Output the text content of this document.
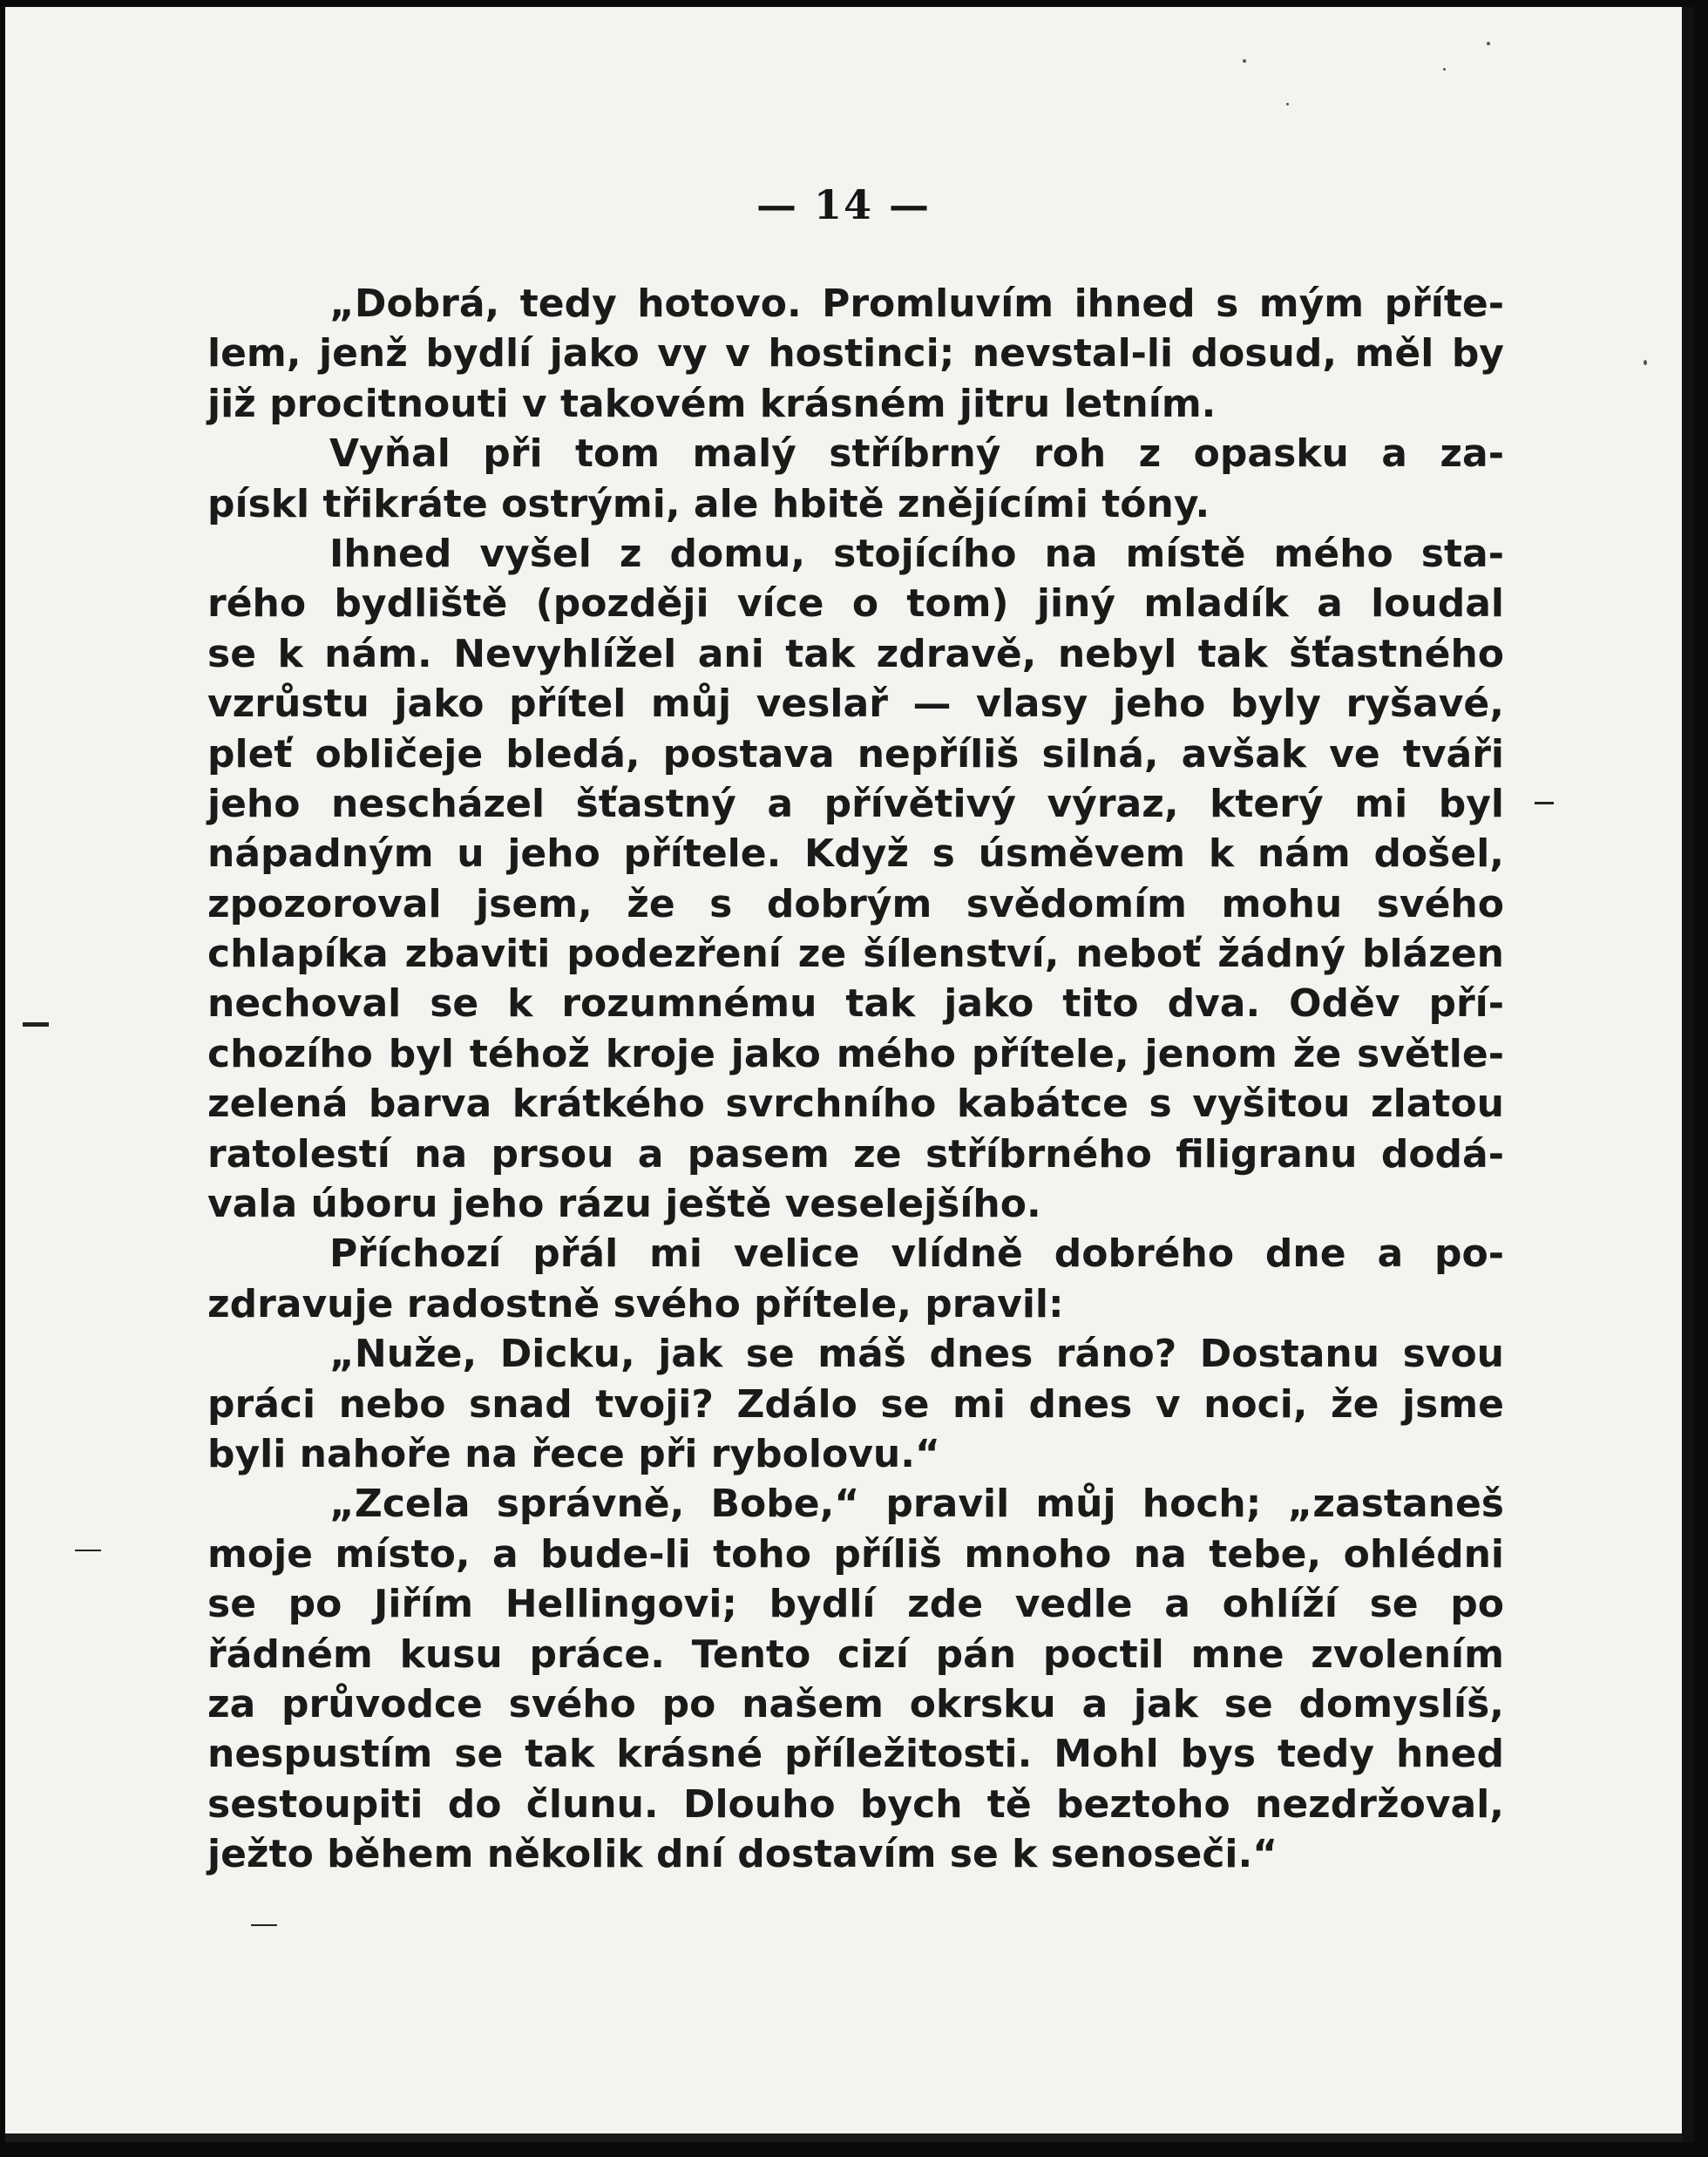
— 14 —
„Dobrá, tedy hotovo. Promluvím ihned s mým příte-
lem, jenž bydlí jako vy v hostinci; nevstal-li dosud, měl by
již procitnouti v takovém krásném jitru letním.
Vyňal při tom malý stříbrný roh z opasku a za-
pískl třikráte ostrými, ale hbitě znějícími tóny.
Ihned vyšel z domu, stojícího na místě mého sta-
rého bydliště (později více o tom) jiný mladík a loudal
se k nám. Nevyhlížel ani tak zdravě, nebyl tak šťastného
vzrůstu jako přítel můj veslař — vlasy jeho byly ryšavé,
pleť obličeje bledá, postava nepříliš silná, avšak ve tváři
jeho nescházel šťastný a přívětivý výraz, který mi byl
nápadným u jeho přítele. Když s úsměvem k nám došel,
zpozoroval jsem, že s dobrým svědomím mohu svého
chlapíka zbaviti podezření ze šílenství, neboť žádný blázen
nechoval se k rozumnému tak jako tito dva. Oděv pří-
chozího byl téhož kroje jako mého přítele, jenom že světle-
zelená barva krátkého svrchního kabátce s vyšitou zlatou
ratolestí na prsou a pasem ze stříbrného filigranu dodá-
vala úboru jeho rázu ještě veselejšího.
Příchozí přál mi velice vlídně dobrého dne a po-
zdravuje radostně svého přítele, pravil:
„Nuže, Dicku, jak se máš dnes ráno? Dostanu svou
práci nebo snad tvoji? Zdálo se mi dnes v noci, že jsme
byli nahoře na řece při rybolovu.“
„Zcela správně, Bobe,“ pravil můj hoch; „zastaneš
moje místo, a bude-li toho příliš mnoho na tebe, ohlédni
se po Jiřím Hellingovi; bydlí zde vedle a ohlíží se po
řádném kusu práce. Tento cizí pán poctil mne zvolením
za průvodce svého po našem okrsku a jak se domyslíš,
nespustím se tak krásné příležitosti. Mohl bys tedy hned
sestoupiti do člunu. Dlouho bych tě beztoho nezdržoval,
ježto během několik dní dostavím se k senoseči.“
